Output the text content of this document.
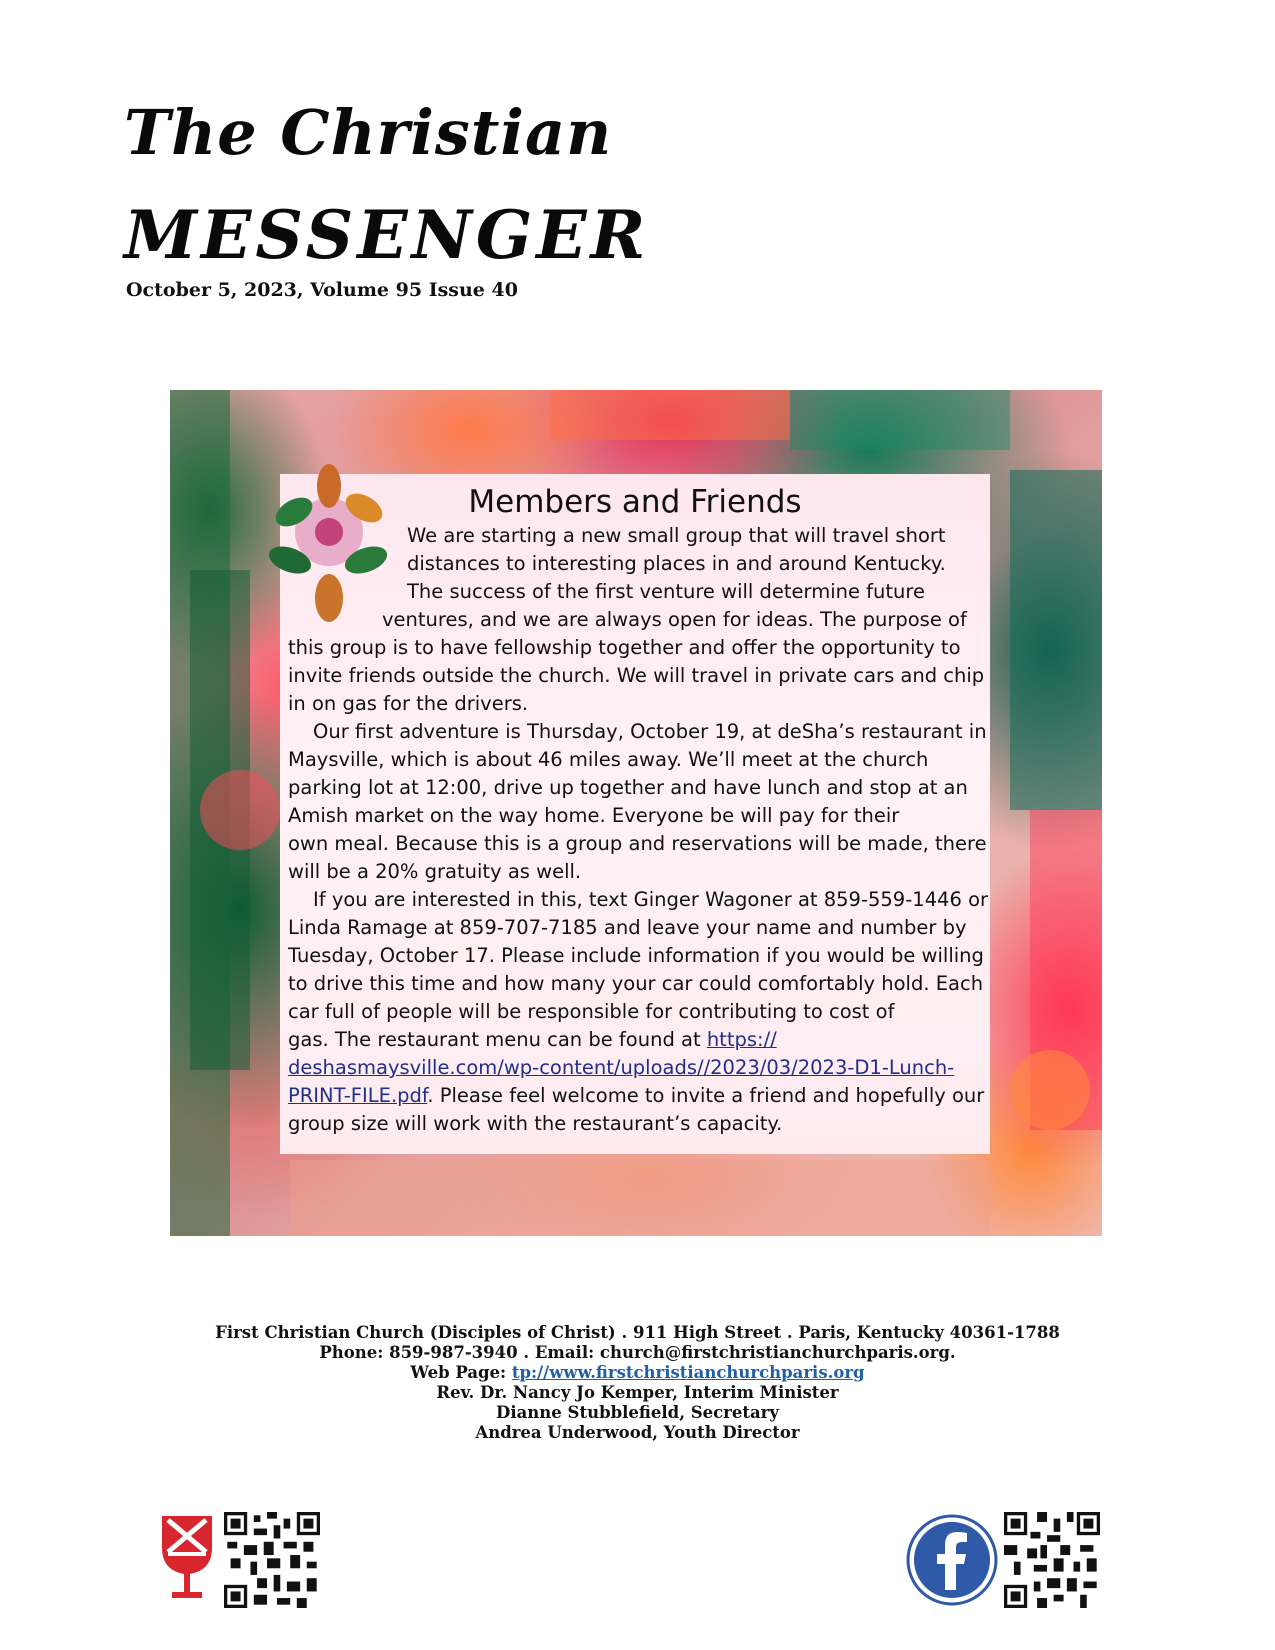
The Christian
MESSENGER
October 5, 2023, Volume 95 Issue 40
Members and Friends
We are starting a new small group that will travel short
distances to interesting places in and around Kentucky.
The success of the first venture will determine future
ventures, and we are always open for ideas. The purpose of
this group is to have fellowship together and offer the opportunity to
invite friends outside the church. We will travel in private cars and chip
in on gas for the drivers.
Our first adventure is Thursday, October 19, at deSha’s restaurant in
Maysville, which is about 46 miles away. We’ll meet at the church
parking lot at 12:00, drive up together and have lunch and stop at an
Amish market on the way home. Everyone be will pay for their
own meal. Because this is a group and reservations will be made, there
will be a 20% gratuity as well.
If you are interested in this, text Ginger Wagoner at 859-559-1446 or
Linda Ramage at 859-707-7185 and leave your name and number by
Tuesday, October 17. Please include information if you would be willing
to drive this time and how many your car could comfortably hold. Each
car full of people will be responsible for contributing to cost of
gas. The restaurant menu can be found at https://
deshasmaysville.com/wp-content/uploads//2023/03/2023-D1-Lunch-
PRINT-FILE.pdf. Please feel welcome to invite a friend and hopefully our
group size will work with the restaurant’s capacity.
First Christian Church (Disciples of Christ) . 911 High Street . Paris, Kentucky 40361-1788
Phone: 859-987-3940 . Email: church@firstchristianchurchparis.org.
Web Page: tp://www.firstchristianchurchparis.org
Rev. Dr. Nancy Jo Kemper, Interim Minister
Dianne Stubblefield, Secretary
Andrea Underwood, Youth Director
